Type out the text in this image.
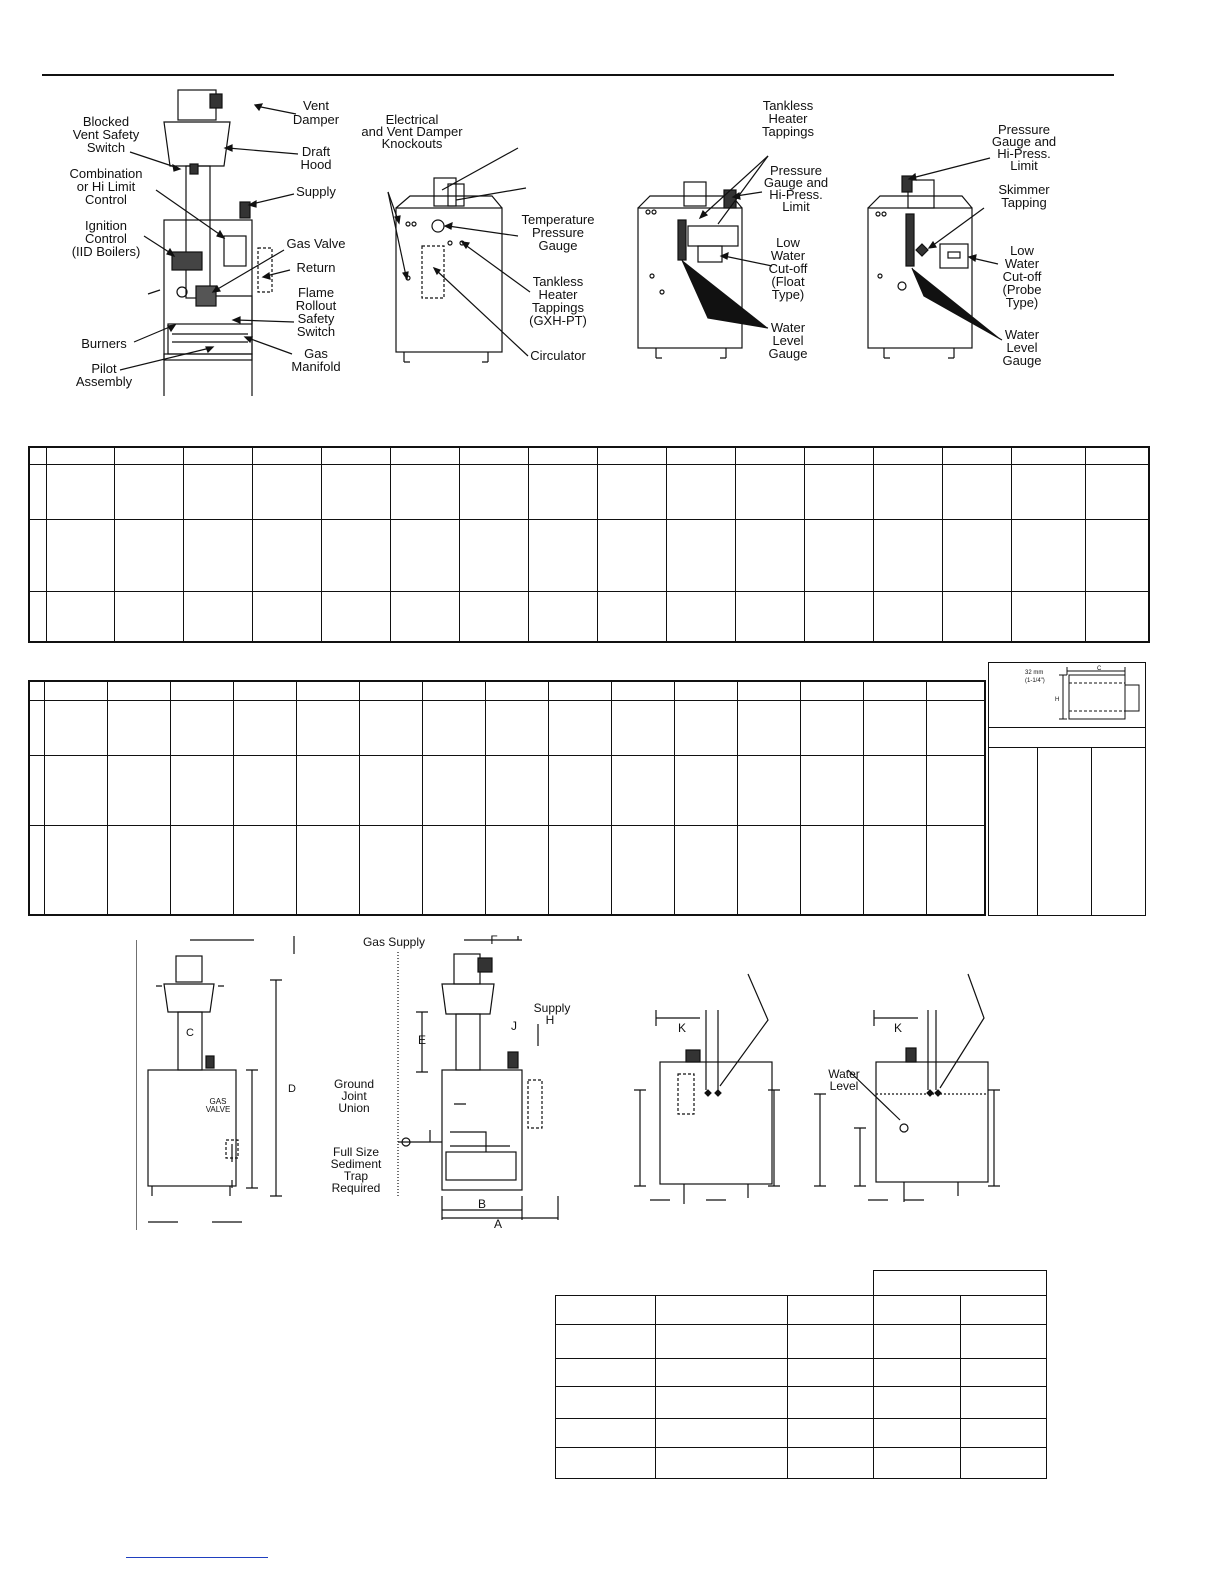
Vent Damper
Blocked Vent Safety Switch	Draft Hood
Combination or Hi Limit Control
Supply
Ignition Control (IID Boilers)
Gas Valve
Return
Flame Rollout Safety Switch
Burners
Gas Manifold
Pilot Assembly
Electrical and Vent Damper Knockouts
Temperature Pressure Gauge
Tankless Heater Tappings (GXH-PT)
Circulator
Tankless Heater Tappings
Pressure Gauge and Hi-Press. Limit
Low Water Cut-off (Float Type)
Water Level Gauge
Pressure Gauge and Hi-Press. Limit
Skimmer Tapping
Low Water Cut-off (Probe Type)
Water Level Gauge

32 mm
(1-1/4")
C
H
C
D
GAS VALVE
Gas Supply	F
Supply
H
E
J
Ground Joint Union
Full Size Sediment Trap Required
B
A
K	K
Water Level
